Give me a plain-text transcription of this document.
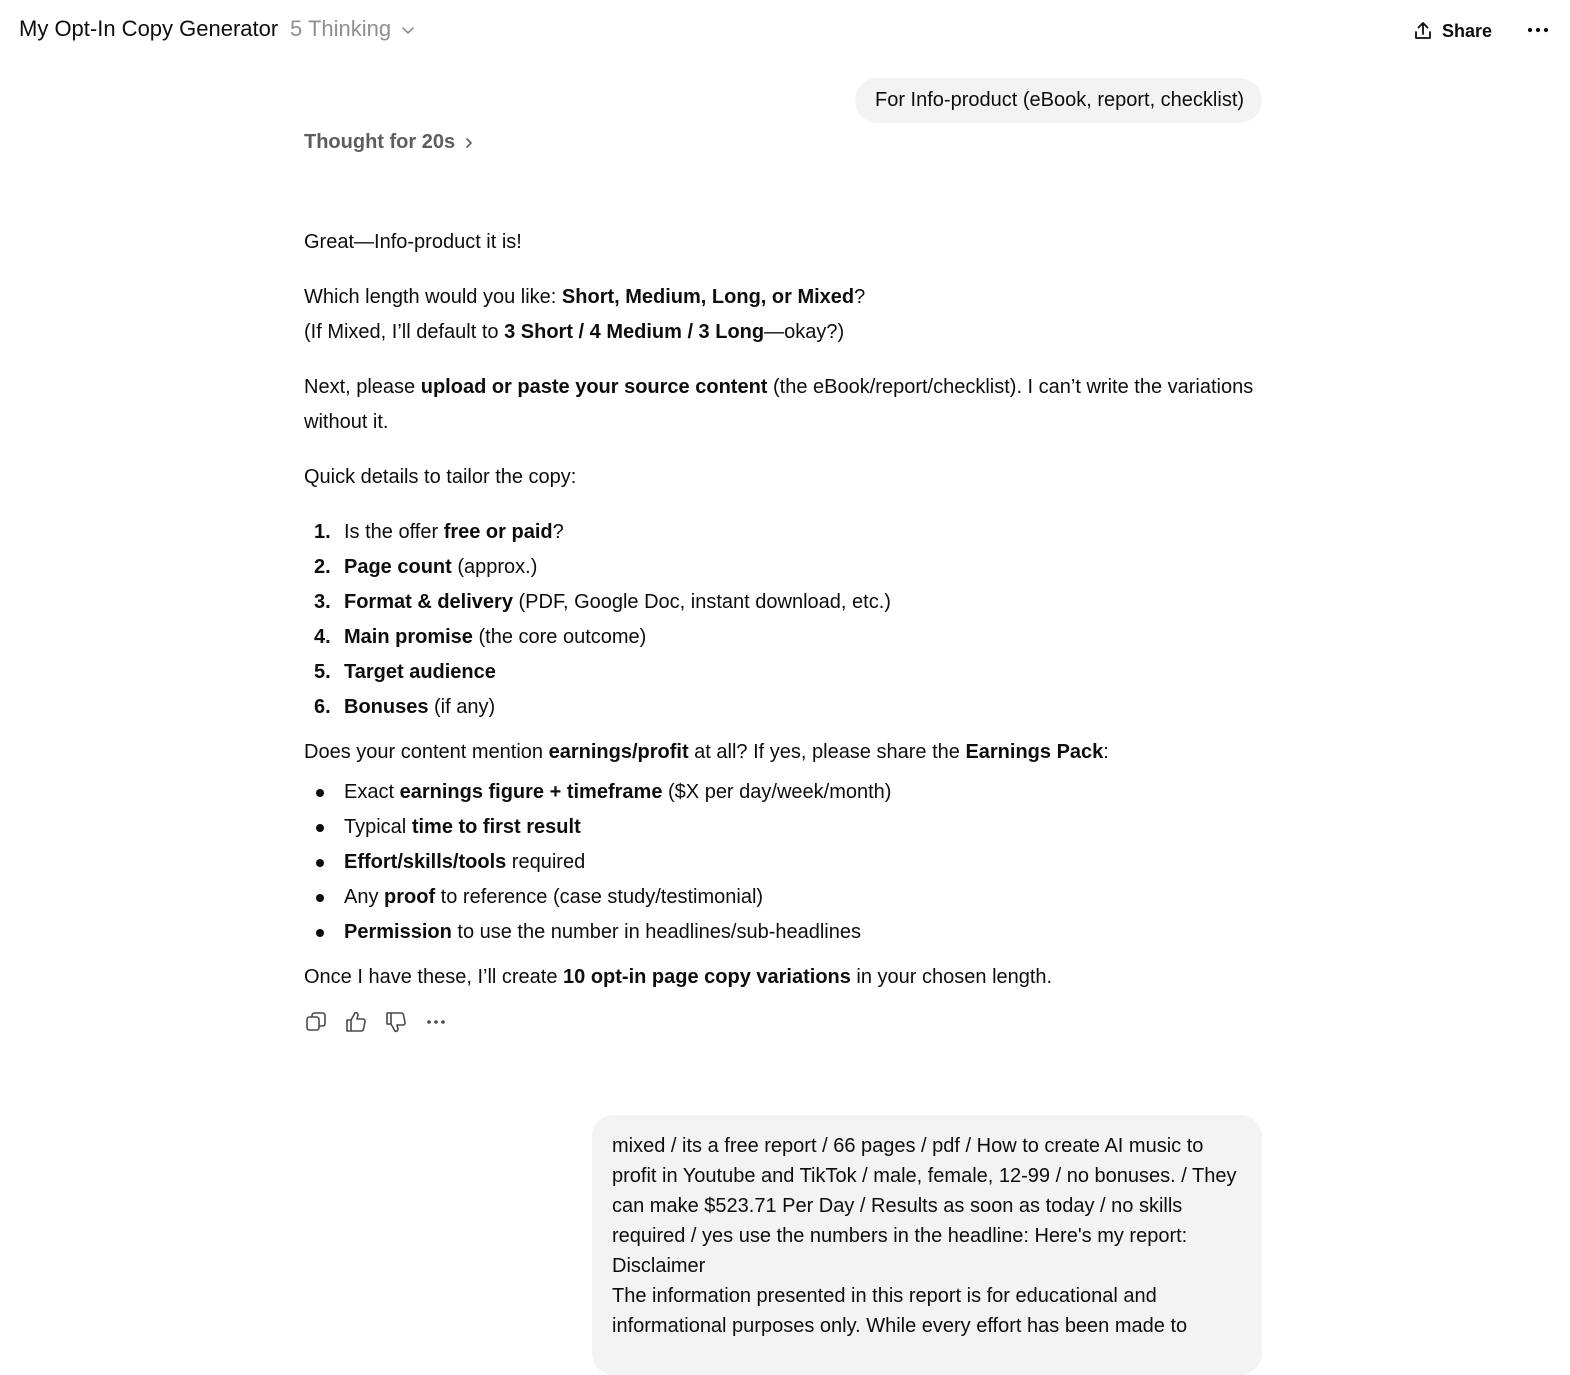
My Opt-In Copy Generator 5 Thinking	Share
For Info-product (eBook, report, checklist)
Thought for 20s
Great—Info-product it is!
Which length would you like: Short, Medium, Long, or Mixed?
(If Mixed, I’ll default to 3 Short / 4 Medium / 3 Long—okay?)
Next, please upload or paste your source content (the eBook/report/checklist). I can’t write the variations
without it.
Quick details to tailor the copy:
1. Is the offer free or paid?
2. Page count (approx.)
3. Format & delivery (PDF, Google Doc, instant download, etc.)
4. Main promise (the core outcome)
5. Target audience
6. Bonuses (if any)
Does your content mention earnings/profit at all? If yes, please share the Earnings Pack:
Exact earnings figure + timeframe ($X per day/week/month)
Typical time to first result
Effort/skills/tools required
Any proof to reference (case study/testimonial)
Permission to use the number in headlines/sub-headlines
Once I have these, I’ll create 10 opt-in page copy variations in your chosen length.
mixed / its a free report / 66 pages / pdf / How to create AI music to
profit in Youtube and TikTok / male, female, 12-99 / no bonuses. / They
can make $523.71 Per Day / Results as soon as today / no skills
required / yes use the numbers in the headline: Here's my report:
Disclaimer
The information presented in this report is for educational and
informational purposes only. While every effort has been made to
